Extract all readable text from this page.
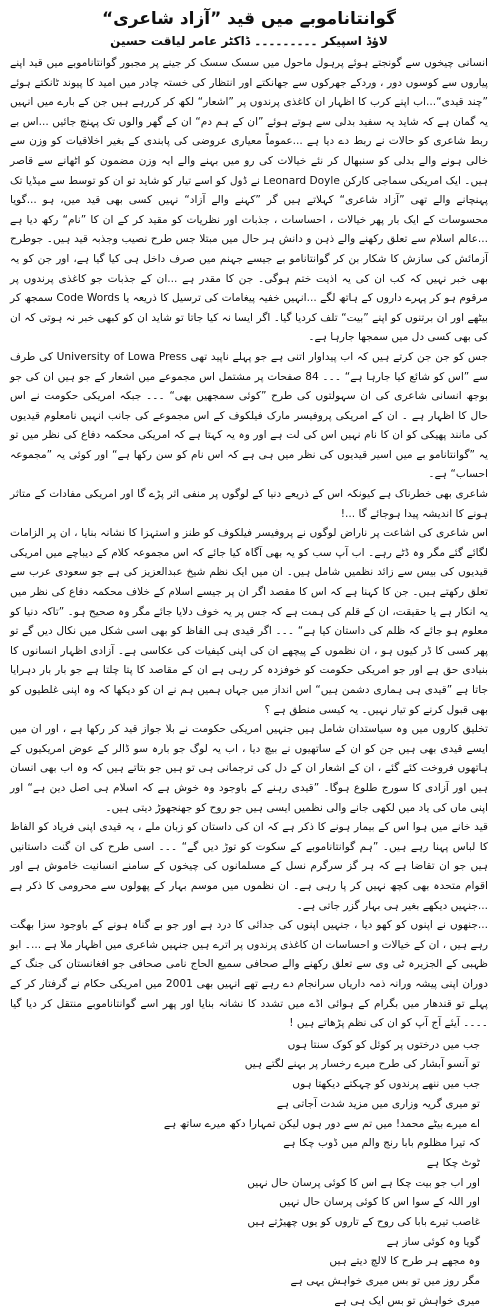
گوانتاناموبے میں قید ”آزاد شاعری“
لاؤڈ اسپیکر ۔۔۔۔۔۔۔۔۔ ڈاکٹر عامر لیاقت حسین

انسانی چیخوں سے گونجتے ہوئے پرہول ماحول میں سسک سسک کر جینے پر مجبور گوانتاناموبے میں قید اپنے پیاروں سے کوسوں دور ، وردکے جھرکوں سے جھانکتے اور انتظار کی خستہ چادر میں امید کا پیوند ٹانکتے ہوئے ”چند قیدی“...اب اپنے کرب کا اظہار ان کاغذی پرندوں پر ”اشعار“ لکھ کر کررہے ہیں جن کے بارے میں انہیں یہ گمان ہے کہ شاید یہ سفید بدلی سے ہوتے ہوئے ”ان کے ہم دم“ ان کے گھر والوں تک پہنچ جائیں ...اس بے ربط شاعری کو حالات نے ربط دے دیا ہے ...عموماً معیاری عروضی کی پابندی کے بغیر اخلاقیات کو وزن سے خالی ہونے والے بدلی کو سنبھال کر نئے خیالات کی رو میں بہنے والے ایہ وزن مضمون کو اٹھانے سے قاصر ہیں۔ ایک امریکی سماجی کارکن Leonard Doyle نے ڈول کو اسے تیار کو شاید تو ان کو توسط سے میڈیا تک پہنچانے والے تھی ”آزاد شاعری“ کہلاتے ہیں گر ”کہنے والے آزاد“ نہیں کسی بھی قید میں، ہو ...گویا محسوسات کے ایک بار پھر خیالات ، احساسات ، جذبات اور نظریات کو مقید کر کے ان کا ”نام“ رکھ دیا ہے ...عالم اسلام سے تعلق رکھنے والے ذہن و دانش ہر حال میں مبتلا جس طرح نصیب وجذبہ قید ہیں۔ جوطرح آزمائش کی سازش کا شکار بن کر گوانتانامو بے جیسے جہنم میں صرف داخل ہی کیا گیا ہے، اور جن کو یہ بھی خبر نہیں کہ کب ان کی یہ اذیت ختم ہوگی۔ جن کا مقدر ہے ...ان کے جذبات جو کاغذی پرندوں پر مرقوم ہو کر پہرے داروں کے ہاتھ لگے ...انہیں خفیہ پیغامات کی ترسیل کا ذریعہ یا Code Words سمجھ کر بیٹھے اور ان برتنوں کو اپنے ”بیت“ تلف کردیا گیا۔ اگر ایسا نہ کیا جاتا تو شاید ان کو کبھی خبر نہ ہوتی کہ ان کی بھی کسی دل میں سمجھا جارہا ہے۔

جس کو جن جن کرتے ہیں کہ اب پیداوار اتنی ہے جو پہلے ناپید تھی University of Lowa Press کی طرف سے ”اس کو شائع کیا جارہا ہے“ ۔۔۔ 84 صفحات پر مشتمل اس مجموعے میں اشعار کے جو ہیں ان کی جو بوجھ انسانی شاعری کی ان سہولتوں کی طرح ”کوئی سمجھیں بھی“ ۔۔۔ جبکہ امریکی حکومت نے اس حال کا اظہار ہے ۔ ان کے امریکی پروفیسر مارک فیلکوف کے اس مجموعے کی جانب انہیں نامعلوم قیدیوں کی مانند پھیکی کو ان کا نام نہیں اس کی لت ہے اور وہ یہ کہتا ہے کہ امریکی محکمہ دفاع کی نظر میں تو یہ ”گوانتانامو بے میں اسیر قیدیوں کی نظر میں ہی ہے کہ اس نام کو سن رکھا ہے“ اور کوئی یہ ”مجموعہ احساب“ ہے۔

شاعری بھی خطرناک ہے کیونکہ اس کے ذریعے دنیا کے لوگوں پر منفی اثر پڑے گا اور امریکی مفادات کے متاثر ہونے کا اندیشہ پیدا ہوجائے گا ...!

اس شاعری کی اشاعت پر ناراض لوگوں نے پروفیسر فیلکوف کو طنز و استہزا کا نشانہ بنایا ، ان پر الزامات لگائے گئے مگر وہ ڈٹے رہے۔ اب آپ سب کو یہ بھی آگاہ کیا جائے کہ اس مجموعہ کلام کے دیباچے میں امریکی قیدیوں کی بیس سے زائد نظمیں شامل ہیں۔ ان میں ایک نظم شیخ عبدالعزیز کی ہے جو سعودی عرب سے تعلق رکھتے ہیں۔ جن کا کہنا ہے کہ اس کا مقصد اگر ان پر جیسے اسلام کے خلاف محکمہ دفاع کی نظر میں یہ انکار ہے یا حقیقت، ان کے قلم کی ہمت ہے کہ جس پر یہ خوف دلایا جائے مگر وہ صحیح ہو۔ ”تاکہ دنیا کو معلوم ہو جائے کہ ظلم کی داستان کیا ہے“ ۔۔۔ اگر قیدی ہی الفاظ کو بھی اسی شکل میں نکال دیں گے تو پھر کسی کا ڈر کیوں ہو ، ان نظموں کے پیچھے ان کی اپنی کیفیات کی عکاسی ہے۔ آزادی اظہار انسانوں کا بنیادی حق ہے اور جو امریکی حکومت کو خوفزدہ کر رہی ہے ان کے مقاصد کا پتا چلتا ہے جو بار بار دہرایا جاتا ہے ”قیدی ہی ہماری دشمن ہیں“ اس انداز میں جہاں ہمیں ہم نے ان کو دیکھا کہ وہ اپنی غلطیوں کو بھی قبول کرنے کو تیار نہیں۔ یہ کیسی منطق ہے ؟

تخلیق کاروں میں وہ سیاستدان شامل ہیں جنہیں امریکی حکومت نے بلا جواز قید کر رکھا ہے ، اور ان میں ایسے قیدی بھی ہیں جن کو ان کے ساتھیوں نے بیچ دیا ، اب یہ لوگ جو بارہ سو ڈالر کے عوض امریکیوں کے ہاتھوں فروخت کئے گئے ، ان کے اشعار ان کے دل کی ترجمانی ہی تو ہیں جو بتاتے ہیں کہ وہ اب بھی انسان ہیں اور آزادی کا سورج طلوع ہوگا۔ ”قیدی رہنے کے باوجود وہ خوش ہے کہ اسلام ہی اصل دین ہے“ اور اپنی ماں کی یاد میں لکھی جانے والی نظمیں ایسی ہیں جو روح کو جھنجھوڑ دیتی ہیں۔

قید خانے میں ہوا اس کے بیمار ہونے کا ذکر ہے کہ ان کی داستان کو زبان ملے ، یہ قیدی اپنی فریاد کو الفاظ کا لباس پہنا رہے ہیں۔ ”ہم گوانتاناموبے کے سکوت کو توڑ دیں گے“ ۔۔۔ اسی طرح کی ان گنت داستانیں ہیں جو ان تقاضا ہے کہ ہر گز سرگرم نسل کے مسلمانوں کی چیخوں کے سامنے انسانیت خاموش ہے اور اقوام متحدہ بھی کچھ نہیں کر پا رہی ہے۔ ان نظموں میں موسم بہار کے پھولوں سے محرومی کا ذکر ہے ...جنہیں دیکھے بغیر ہی بہار گزر جاتی ہے۔

...جنھوں نے اپنوں کو کھو دیا ، جنہیں اپنوں کی جدائی کا درد ہے اور جو بے گناہ ہونے کے باوجود سزا بھگت رہے ہیں ، ان کے خیالات و احساسات ان کاغذی پرندوں پر اترے ہیں جنہیں شاعری میں اظہار ملا ہے ...۔ ابو ظہبی کے الجزیرہ ٹی وی سے تعلق رکھنے والے صحافی سمیع الحاج نامی صحافی جو افغانستان کی جنگ کے دوران اپنی پیشہ ورانہ ذمہ داریاں سرانجام دے رہے تھے انہیں بھی 2001 میں امریکی حکام نے گرفتار کر کے پہلے تو قندھار میں بگرام کے ہوائی اڈے میں تشدد کا نشانہ بنایا اور پھر اسے گوانتاناموبے منتقل کر دیا گیا ۔۔۔۔ آیئے آج آپ کو ان کی نظم پڑھاتے ہیں !

جب میں درختوں پر کوئل کو کوک سنتا ہوں
تو آنسو آبشار کی طرح میرے رخسار پر بہنے لگتے ہیں
جب میں ننھے پرندوں کو چہکتے دیکھتا ہوں
تو میری گریہ وزاری میں مزید شدت آجاتی ہے
اے میرے بیٹے محمد! میں تم سے دور ہوں لیکن تمہارا دکھ میرے ساتھ ہے
کہ تیرا مظلوم بابا رنج والم میں ڈوب چکا ہے
ٹوٹ چکا ہے
اور اب جو بیت چکا ہے اس کا کوئی پرسان حال نہیں
اور اللہ کے سوا اس کا کوئی پرسان حال نہیں
غاصب تیرے بابا کی روح کے تاروں کو یوں چھیڑتے ہیں
گویا وہ کوئی ساز ہے
وہ مجھے ہر طرح کا لالچ دیتے ہیں
مگر روز میں تو بس میری خواہش یہی ہے
میری خواہش تو بس ایک ہی ہے
